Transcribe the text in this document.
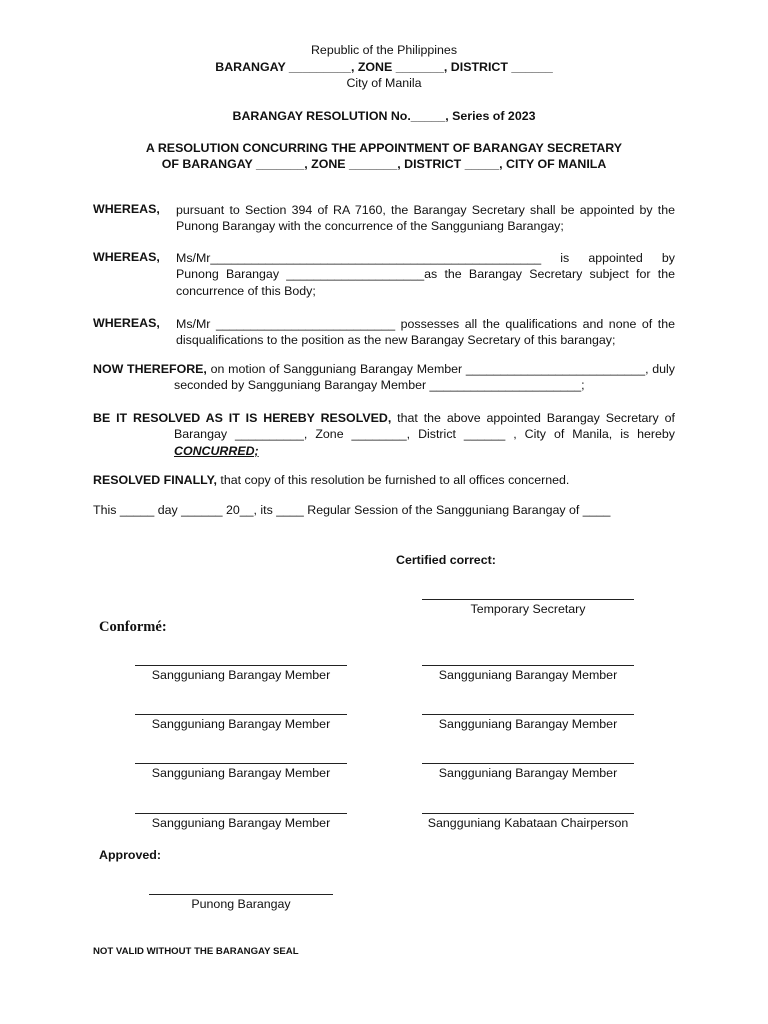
Republic of the Philippines
BARANGAY _________, ZONE _______, DISTRICT ______
City of Manila
BARANGAY RESOLUTION No._____, Series of 2023
A RESOLUTION CONCURRING THE APPOINTMENT OF BARANGAY SECRETARY
OF BARANGAY _______, ZONE _______, DISTRICT _____, CITY OF MANILA
WHEREAS, pursuant to Section 394 of RA 7160, the Barangay Secretary shall be appointed by the
Punong Barangay with the concurrence of the Sangguniang Barangay;
WHEREAS, Ms/Mr________________________________________________ is appointed by
Punong Barangay ____________________as the Barangay Secretary subject for the
concurrence of this Body;
WHEREAS, Ms/Mr __________________________ possesses all the qualifications and none of the
disqualifications to the position as the new Barangay Secretary of this barangay;
NOW THEREFORE, on motion of Sangguniang Barangay Member __________________________, duly
seconded by Sangguniang Barangay Member ______________________;
BE IT RESOLVED AS IT IS HEREBY RESOLVED, that the above appointed Barangay Secretary of
Barangay __________, Zone ________, District ______ , City of Manila, is hereby
CONCURRED;
RESOLVED FINALLY, that copy of this resolution be furnished to all offices concerned.
This _____ day ______ 20__, its ____ Regular Session of the Sangguniang Barangay of ____
Certified correct:
Temporary Secretary
Conformé:
Sangguniang Barangay Member
Sangguniang Barangay Member
Sangguniang Barangay Member
Sangguniang Barangay Member
Sangguniang Barangay Member
Sangguniang Barangay Member
Sangguniang Barangay Member
Sangguniang Kabataan Chairperson
Approved:
Punong Barangay
NOT VALID WITHOUT THE BARANGAY SEAL
